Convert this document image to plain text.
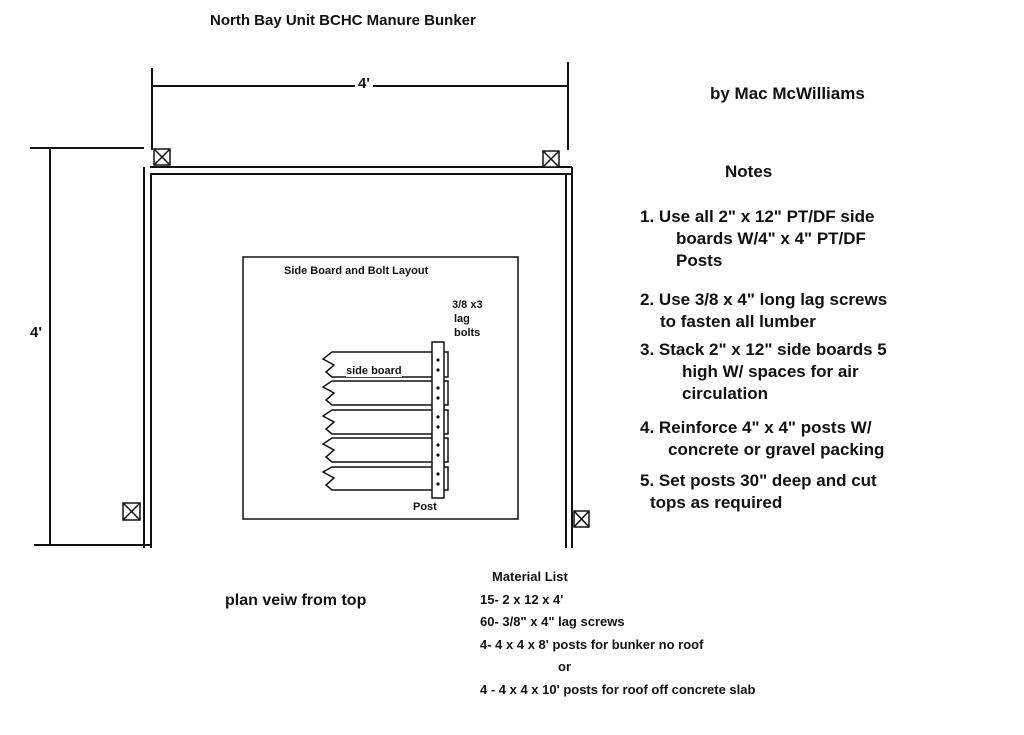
North Bay Unit BCHC Manure Bunker
by Mac McWilliams
4'
4'
Side Board and Bolt Layout
3/8 x3
lag
bolts
side board
Post
plan veiw from top
Notes
1. Use all 2" x 12" PT/DF side
boards W/4" x 4" PT/DF
Posts
2. Use 3/8 x 4" long lag screws
to fasten all lumber
3. Stack 2" x 12" side boards 5
high W/ spaces for air
circulation
4. Reinforce 4" x 4" posts W/
concrete or gravel packing
5. Set posts 30" deep and cut
tops as required
Material List
15- 2 x 12 x 4'
60- 3/8" x 4" lag screws
4- 4 x 4 x 8' posts for bunker no roof
or
4 - 4 x 4 x 10' posts for roof off concrete slab
